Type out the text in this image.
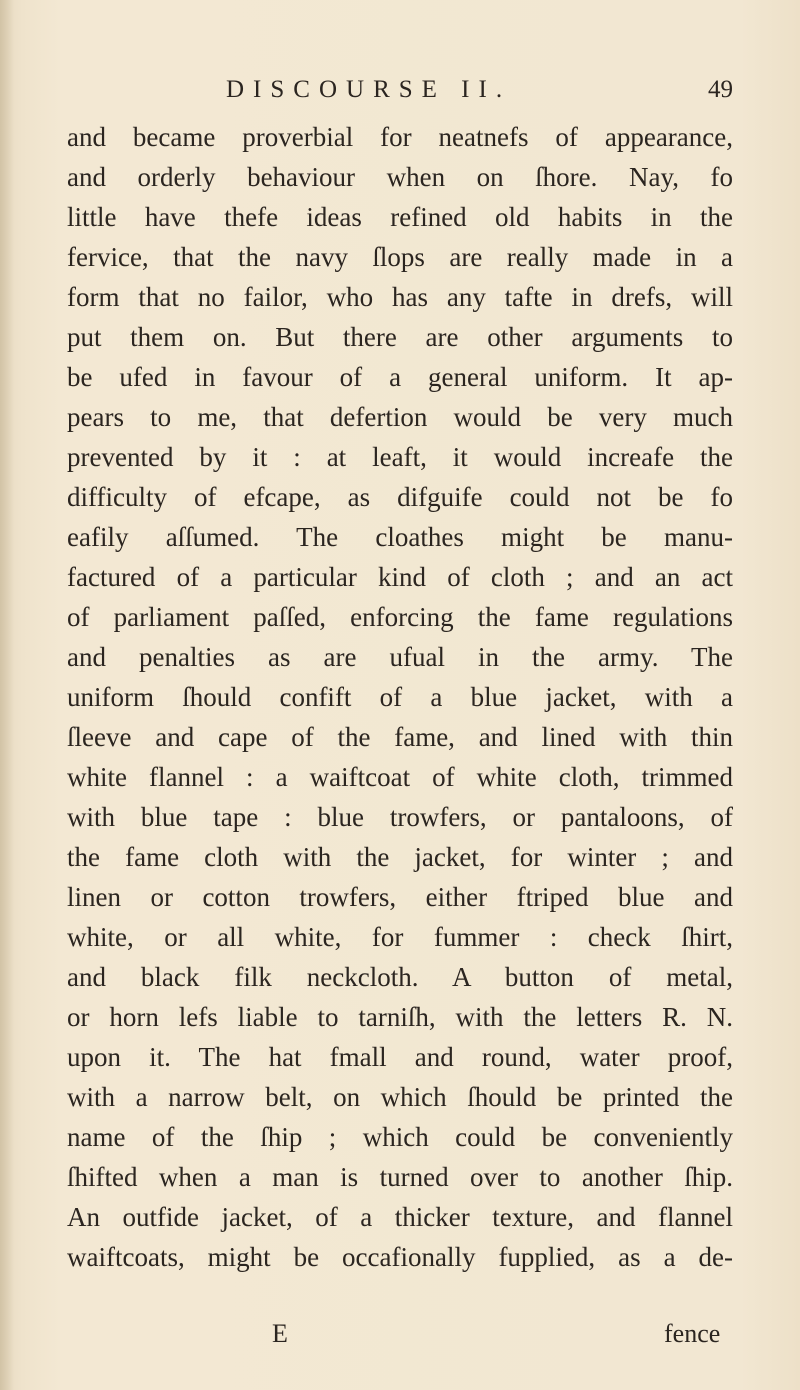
DISCOURSE II.	49
and became proverbial for neatnefs of appearance,
and orderly behaviour when on ſhore. Nay, fo
little have thefe ideas refined old habits in the
fervice, that the navy ſlops are really made in a
form that no failor, who has any tafte in drefs, will
put them on. But there are other arguments to
be ufed in favour of a general uniform. It ap-
pears to me, that defertion would be very much
prevented by it : at leaft, it would increafe the
difficulty of efcape, as difguife could not be fo
eafily aſſumed. The cloathes might be manu-
factured of a particular kind of cloth ; and an act
of parliament paſſed, enforcing the fame regulations
and penalties as are ufual in the army. The
uniform ſhould confift of a blue jacket, with a
ſleeve and cape of the fame, and lined with thin
white flannel : a waiftcoat of white cloth, trimmed
with blue tape : blue trowfers, or pantaloons, of
the fame cloth with the jacket, for winter ; and
linen or cotton trowfers, either ftriped blue and
white, or all white, for fummer : check ſhirt,
and black filk neckcloth. A button of metal,
or horn lefs liable to tarniſh, with the letters R. N.
upon it. The hat fmall and round, water proof,
with a narrow belt, on which ſhould be printed the
name of the ſhip ; which could be conveniently
ſhifted when a man is turned over to another ſhip.
An outfide jacket, of a thicker texture, and flannel
waiftcoats, might be occafionally fupplied, as a de-
E	fence
